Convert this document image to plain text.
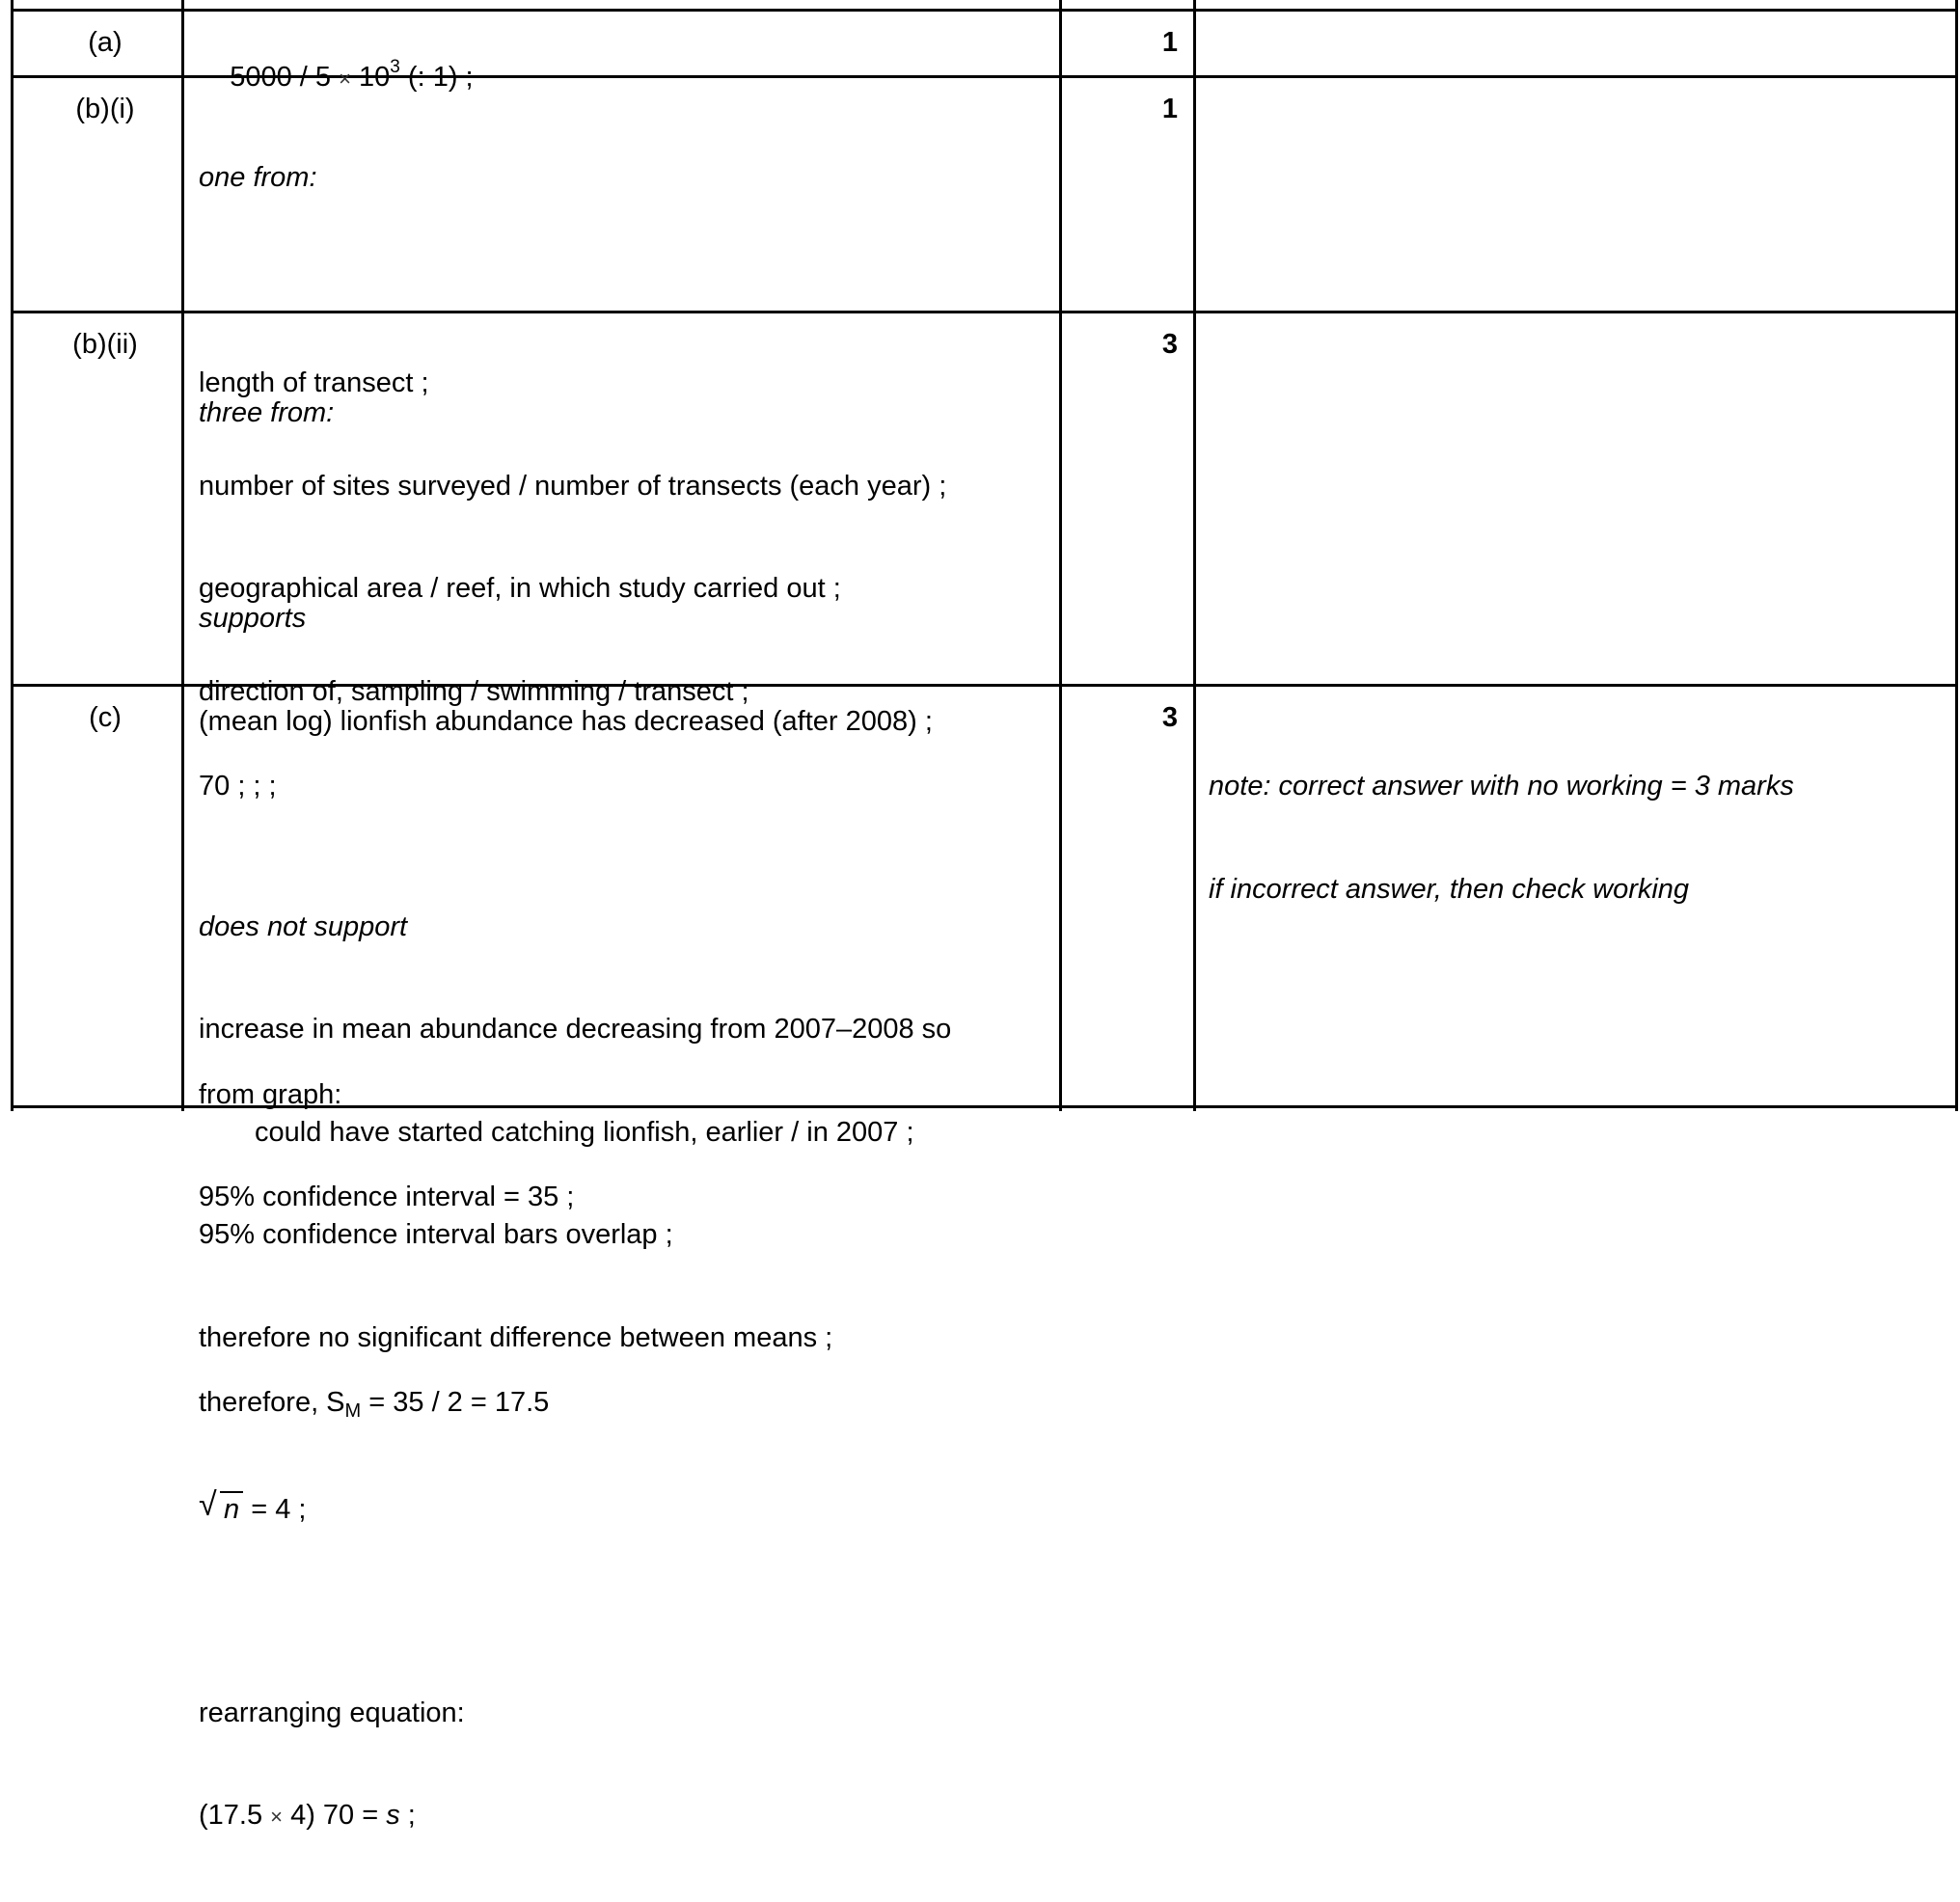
(a)

$5000 / 5 \times 10^3$ (: 1) ;

1
(b)(i)

one from:

length of transect ;

number of sites surveyed / number of transects (each year) ;

geographical area / reef, in which study carried out ;

direction of, sampling / swimming / transect ;

1
(b)(ii)

three from:

supports

(mean log) lionfish abundance has decreased (after 2008) ;

does not support

increase in mean abundance decreasing from 2007–2008 so

could have started catching lionfish, earlier / in 2007 ;

95% confidence interval bars overlap ;

therefore no significant difference between means ;

3
(c)

70 ; ; ;

from graph:

95% confidence interval = 35 ;

therefore, $S_M = 35 / 2 = 17.5$

√ n = 4 ;

rearranging equation:

(17.5 × 4) 70 = s ;

3

note: correct answer with no working = 3 marks

if incorrect answer, then check working
